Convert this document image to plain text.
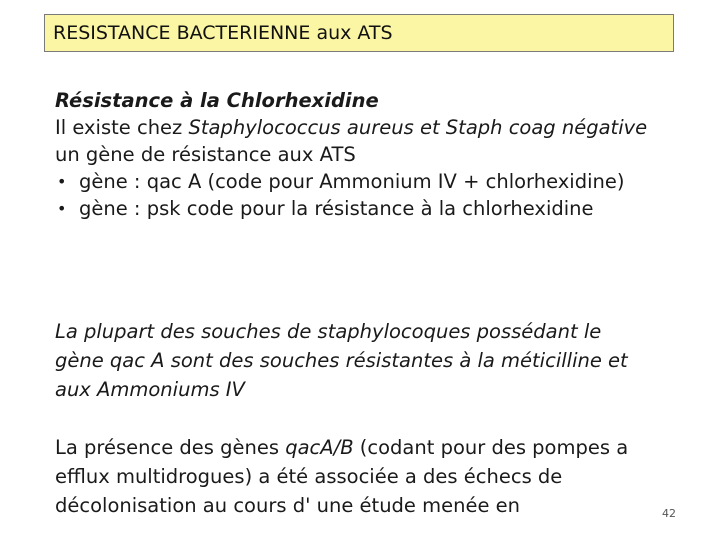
RESISTANCE BACTERIENNE aux ATS
Résistance à la Chlorhexidine
Il existe chez Staphylococcus aureus et Staph coag négative un gène de résistance aux ATS
• gène : qac A (code pour Ammonium IV + chlorhexidine)
• gène : psk code pour la résistance à la chlorhexidine
La plupart des souches de staphylocoques possédant le gène qac A sont des souches résistantes à la méticilline et aux Ammoniums IV
La présence des gènes qacA/B (codant pour des pompes a efflux multidrogues) a été associée a des échecs de décolonisation au cours d' une étude menée en	42
